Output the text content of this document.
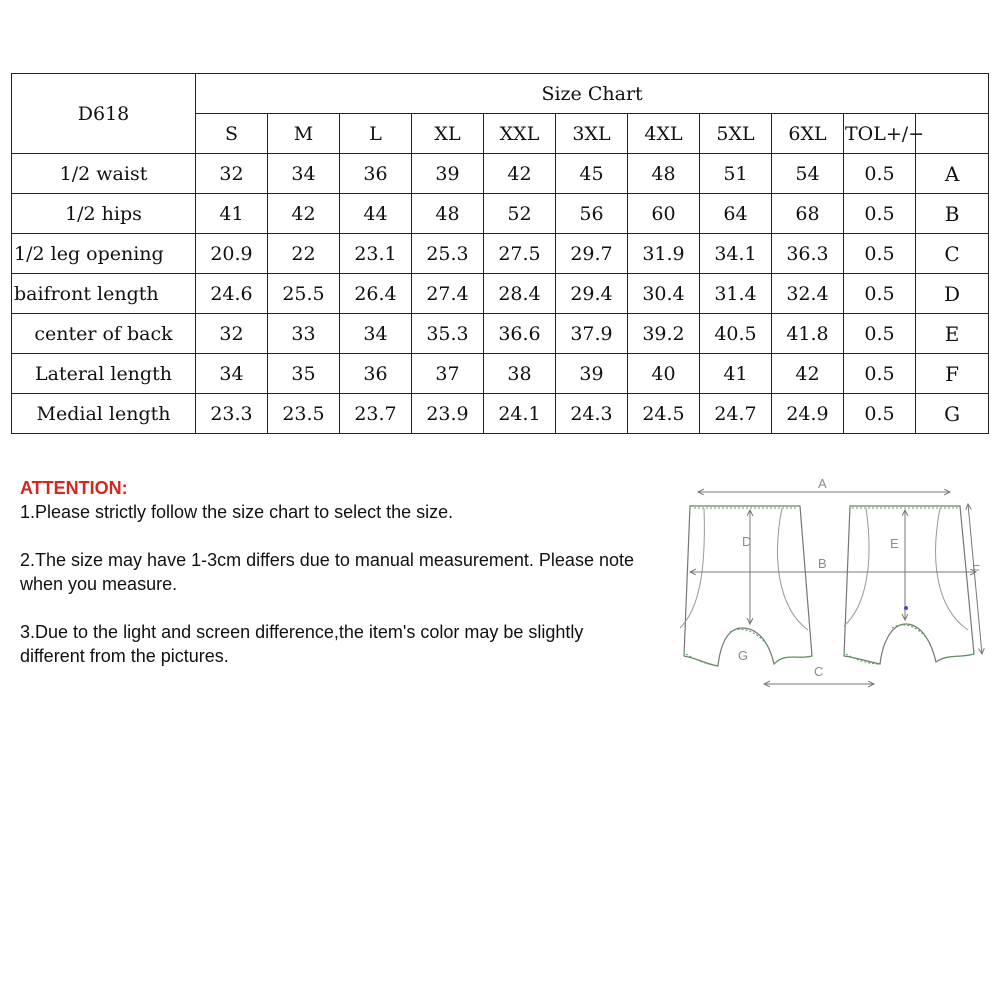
D618	Size Chart										
	S	M	L	XL	XXL	3XL	4XL	5XL	6XL	TOL+/−	
1/2 waist	32	34	36	39	42	45	48	51	54	0.5	A
1/2 hips	41	42	44	48	52	56	60	64	68	0.5	B
1/2 leg opening	20.9	22	23.1	25.3	27.5	29.7	31.9	34.1	36.3	0.5	C
baifront length	24.6	25.5	26.4	27.4	28.4	29.4	30.4	31.4	32.4	0.5	D
center of back	32	33	34	35.3	36.6	37.9	39.2	40.5	41.8	0.5	E
Lateral length	34	35	36	37	38	39	40	41	42	0.5	F
Medial length	23.3	23.5	23.7	23.9	24.1	24.3	24.5	24.7	24.9	0.5	G

ATTENTION:

1.Please strictly follow the size chart to select the size.

2.The size may have 1-3cm differs due to manual measurement. Please note when you measure.

3.Due to the light and screen difference,the item's color may be slightly different from the pictures.

A
B
C
D	E
F
G
